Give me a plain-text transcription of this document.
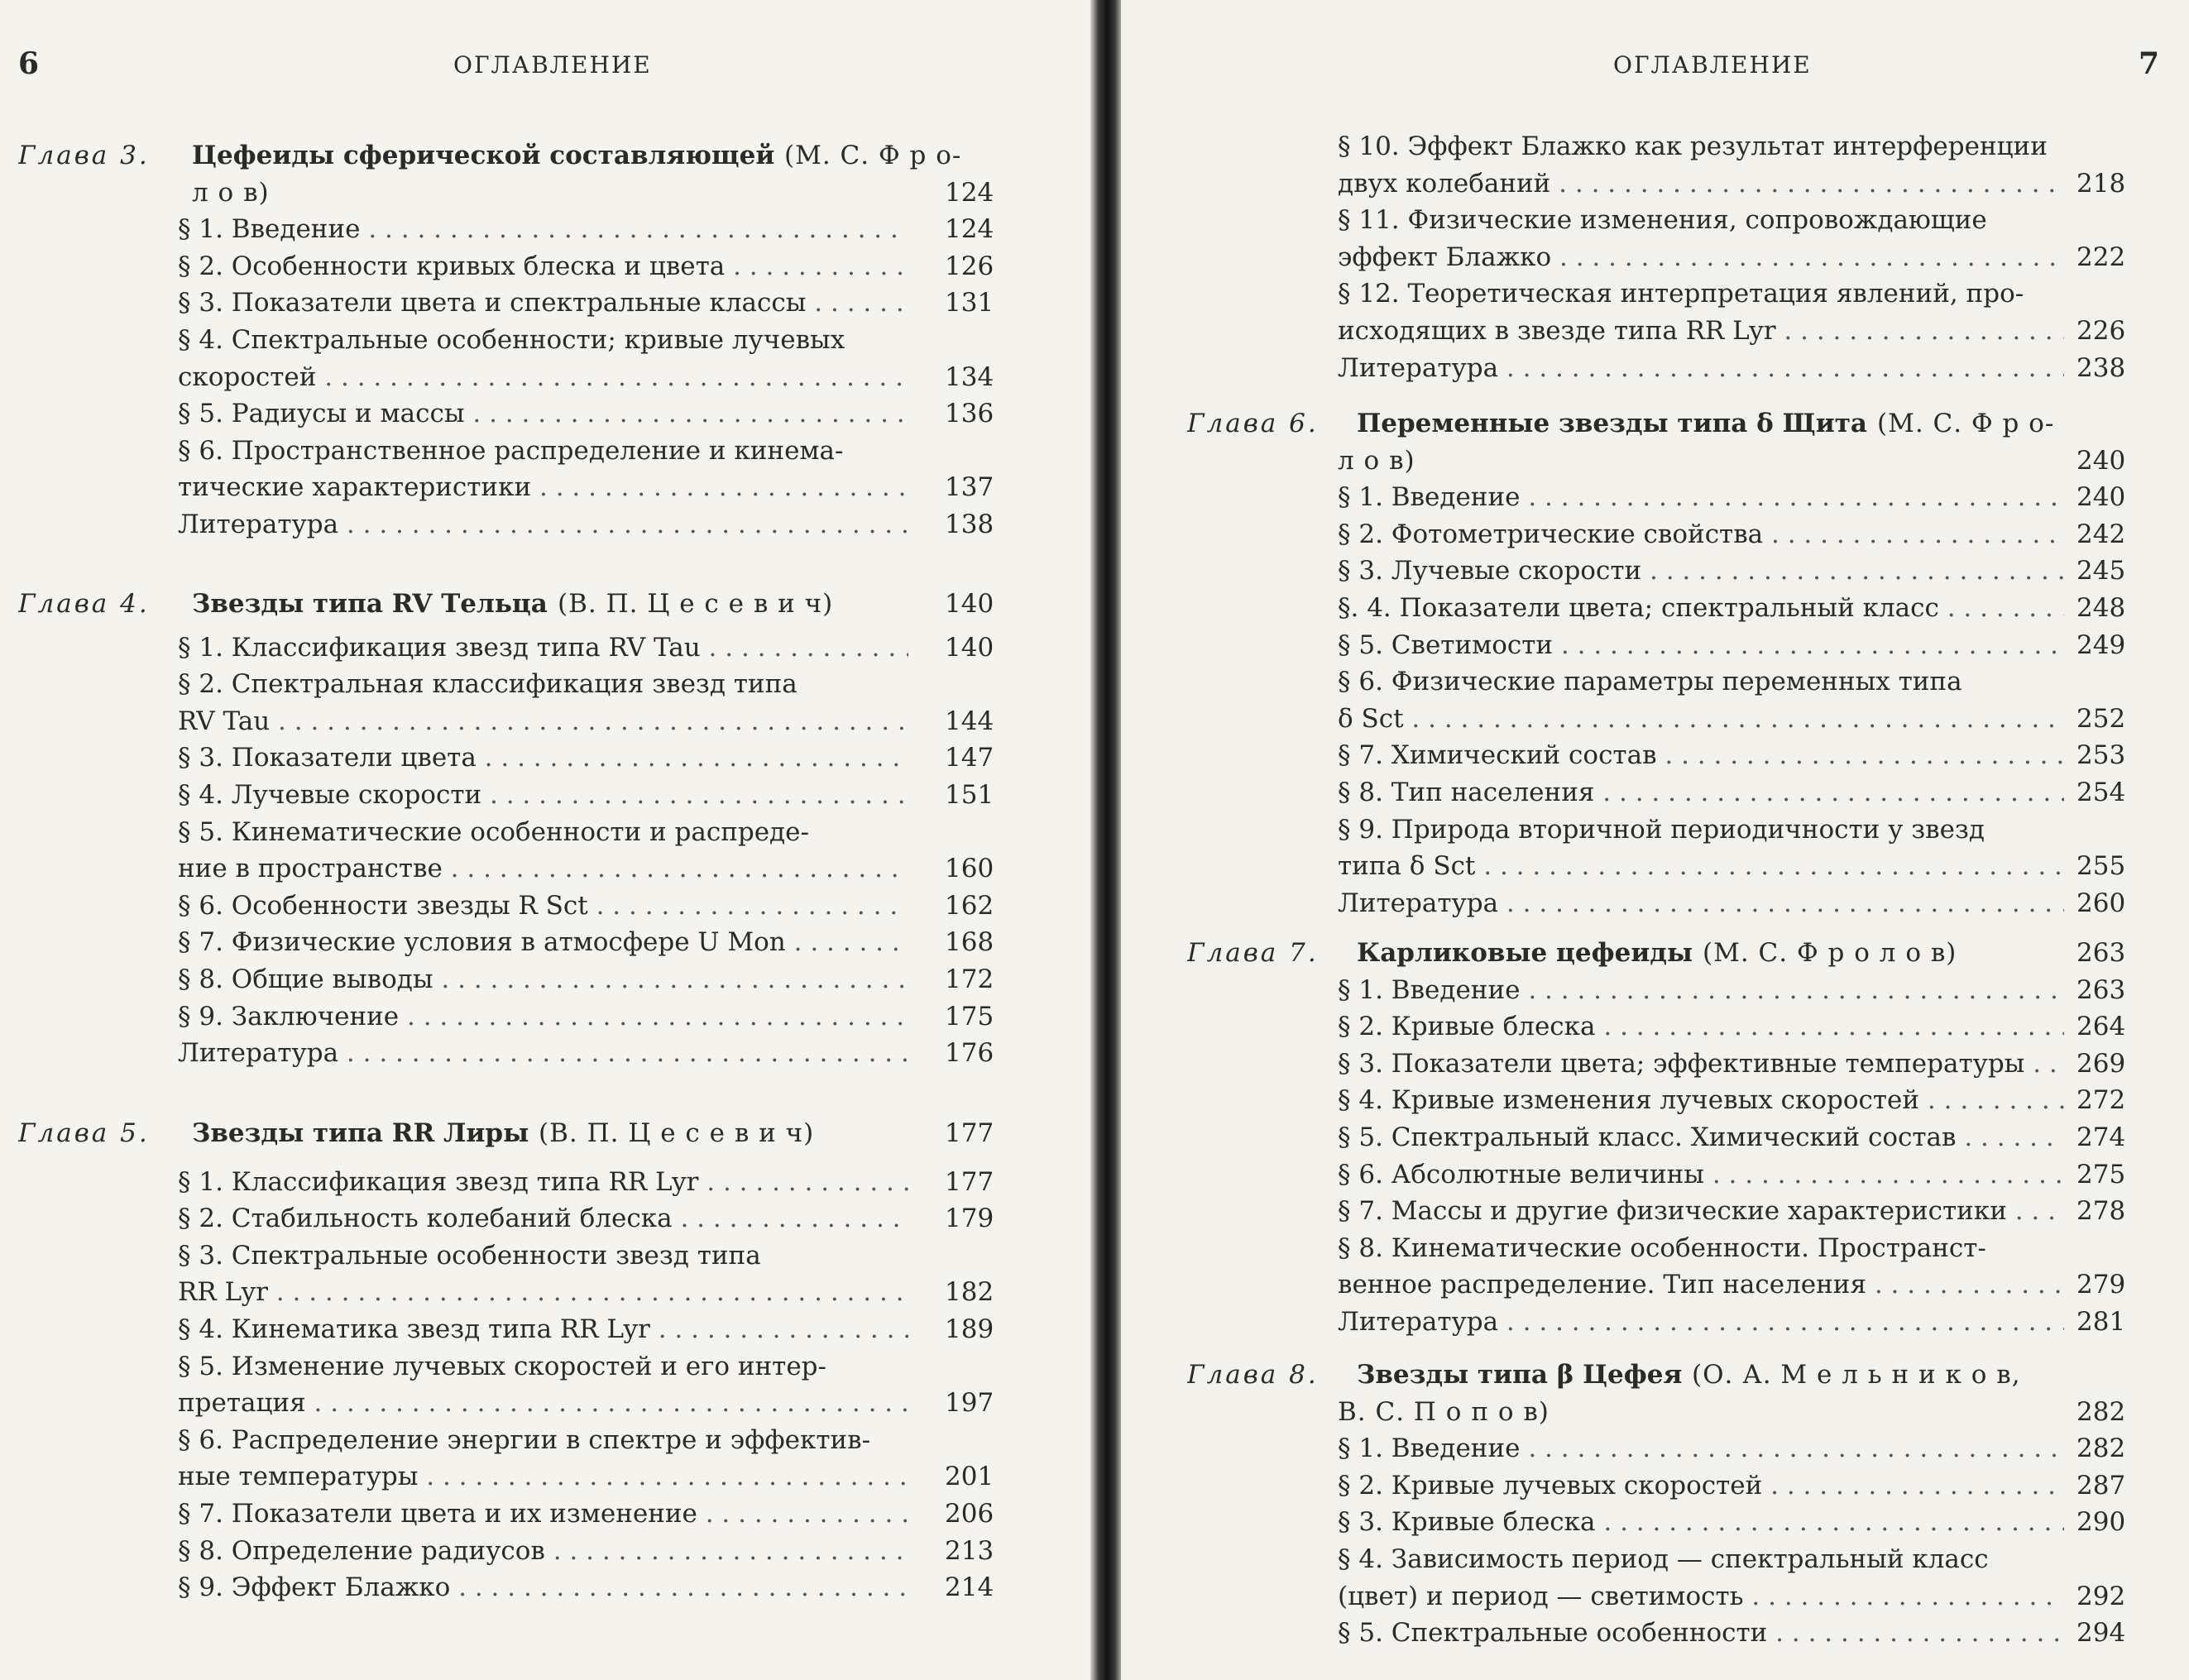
6	ОГЛАВЛЕНИЕ
Глава 3. Цефеиды сферической составляющей (М. С. Ф р о-
л о в)	124
§ 1. Введение . . .	124
§ 2. Особенности кривых блеска и цвета . . .	126
§ 3. Показатели цвета и спектральные классы . . .	131
§ 4. Спектральные особенности; кривые лучевых
скоростей . . .	134
§ 5. Радиусы и массы . . .	136
§ 6. Пространственное распределение и кинема-
тические характеристики . . .	137
Литература . . .	138
Глава 4. Звезды типа RV Тельца (В. П. Ц е с е в и ч)	140
§ 1. Классификация звезд типа RV Tau . . .	140
§ 2. Спектральная классификация звезд типа
RV Tau . . .	144
§ 3. Показатели цвета . . .	147
§ 4. Лучевые скорости . . .	151
§ 5. Кинематические особенности и распреде-
ние в пространстве . . .	160
§ 6. Особенности звезды R Sct . . .	162
§ 7. Физические условия в атмосфере U Mon . . .	168
§ 8. Общие выводы . . .	172
§ 9. Заключение . . .	175
Литература . . .	176
Глава 5. Звезды типа RR Лиры (В. П. Ц е с е в и ч)	177
§ 1. Классификация звезд типа RR Lyr . . .	177
§ 2. Стабильность колебаний блеска . . .	179
§ 3. Спектральные особенности звезд типа
RR Lyr . . .	182
§ 4. Кинематика звезд типа RR Lyr . . .	189
§ 5. Изменение лучевых скоростей и его интер-
претация . . .	197
§ 6. Распределение энергии в спектре и эффектив-
ные температуры . . .	201
§ 7. Показатели цвета и их изменение . . .	206
§ 8. Определение радиусов . . .	213
§ 9. Эффект Блажко . . .	214
ОГЛАВЛЕНИЕ	7
§ 10. Эффект Блажко как результат интерференции
двух колебаний . . .	218
§ 11. Физические изменения, сопровождающие
эффект Блажко . . .	222
§ 12. Теоретическая интерпретация явлений, про-
исходящих в звезде типа RR Lyr . . .	226
Литература . . .	238
Глава 6. Переменные звезды типа δ Щита (М. С. Ф р о-
л о в)	240
§ 1. Введение . . .	240
§ 2. Фотометрические свойства . . .	242
§ 3. Лучевые скорости . . .	245
§. 4. Показатели цвета; спектральный класс . . .	248
§ 5. Светимости . . .	249
§ 6. Физические параметры переменных типа
δ Sct . . .	252
§ 7. Химический состав . . .	253
§ 8. Тип населения . . .	254
§ 9. Природа вторичной периодичности у звезд
типа δ Sct . . .	255
Литература . . .	260
Глава 7. Карликовые цефеиды (М. С. Ф р о л о в)	263
§ 1. Введение . . .	263
§ 2. Кривые блеска . . .	264
§ 3. Показатели цвета; эффективные температуры . . .	269
§ 4. Кривые изменения лучевых скоростей . . .	272
§ 5. Спектральный класс. Химический состав . . .	274
§ 6. Абсолютные величины . . .	275
§ 7. Массы и другие физические характеристики . . .	278
§ 8. Кинематические особенности. Пространст-
венное распределение. Тип населения . . .	279
Литература . . .	281
Глава 8. Звезды типа β Цефея (О. А. М е л ь н и к о в,
В. С. П о п о в)	282
§ 1. Введение . . .	282
§ 2. Кривые лучевых скоростей . . .	287
§ 3. Кривые блеска . . .	290
§ 4. Зависимость период — спектральный класс
(цвет) и период — светимость . . .	292
§ 5. Спектральные особенности . . .	294
